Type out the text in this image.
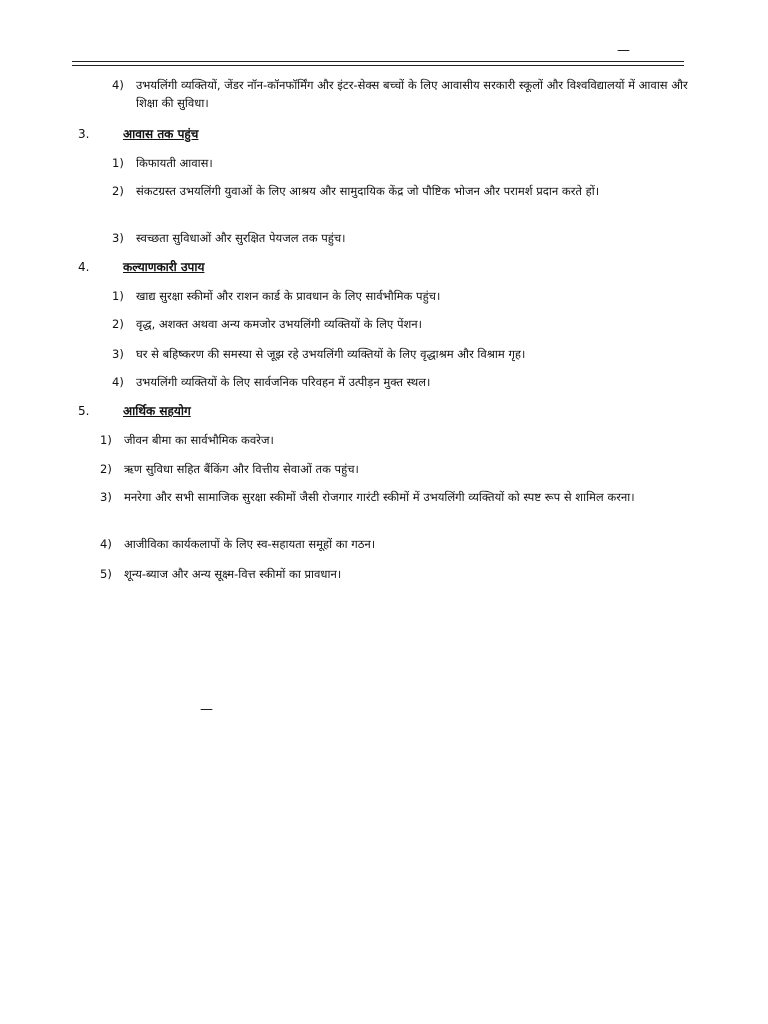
—
4) उभयलिंगी व्यक्तियों, जेंडर नॉन-कॉनफॉर्मिंग और इंटर-सेक्स बच्चों के लिए आवासीय सरकारी स्कूलों और विश्वविद्यालयों में आवास और शिक्षा की सुविधा।
3.	आवास तक पहुंच
1) किफायती आवास।
2) संकटग्रस्त उभयलिंगी युवाओं के लिए आश्रय और सामुदायिक केंद्र जो पौष्टिक भोजन और परामर्श प्रदान करते हों।
3) स्वच्छता सुविधाओं और सुरक्षित पेयजल तक पहुंच।
4.	कल्याणकारी उपाय
1) खाद्य सुरक्षा स्कीमों और राशन कार्ड के प्रावधान के लिए सार्वभौमिक पहुंच।
2) वृद्ध, अशक्त अथवा अन्य कमजोर उभयलिंगी व्यक्तियों के लिए पेंशन।
3) घर से बहिष्करण की समस्या से जूझ रहे उभयलिंगी व्यक्तियों के लिए वृद्धाश्रम और विश्राम गृह।
4) उभयलिंगी व्यक्तियों के लिए सार्वजनिक परिवहन में उत्पीड़न मुक्त स्थल।
5.	आर्थिक सहयोग
1) जीवन बीमा का सार्वभौमिक कवरेज।
2) ऋण सुविधा सहित बैंकिंग और वित्तीय सेवाओं तक पहुंच।
3) मनरेगा और सभी सामाजिक सुरक्षा स्कीमों जैसी रोजगार गारंटी स्कीमों में उभयलिंगी व्यक्तियों को स्पष्ट रूप से शामिल करना।
4) आजीविका कार्यकलापों के लिए स्व-सहायता समूहों का गठन।
5) शून्य-ब्याज और अन्य सूक्ष्म-वित्त स्कीमों का प्रावधान।
—
